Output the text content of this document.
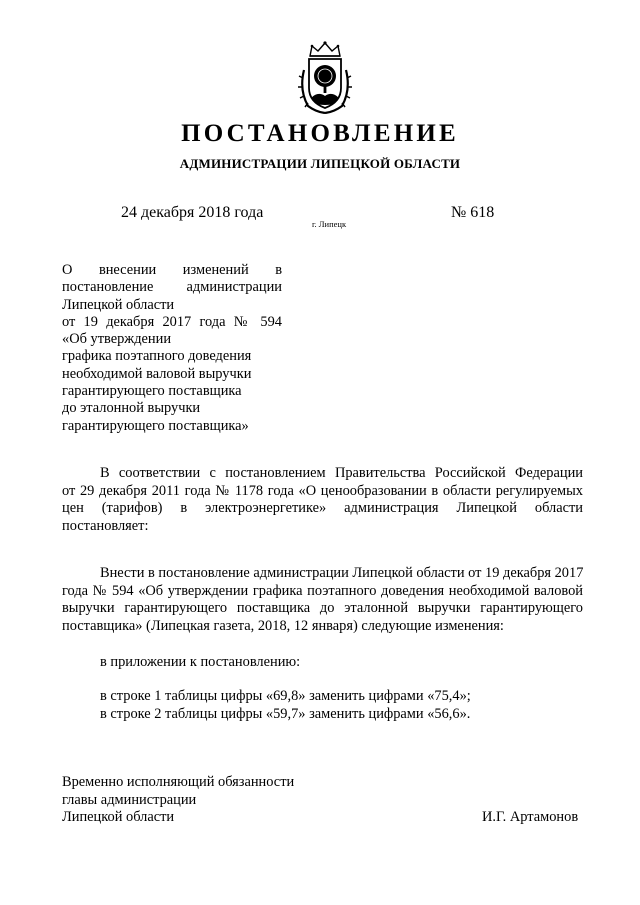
ПОСТАНОВЛЕНИЕ
АДМИНИСТРАЦИИ ЛИПЕЦКОЙ ОБЛАСТИ
24 декабря 2018 года
г. Липецк
№ 618
О внесении изменений в
постановление администрации
Липецкой области
от 19 декабря 2017 года № 594
«Об утверждении
графика поэтапного доведения
необходимой валовой выручки
гарантирующего поставщика
до эталонной выручки
гарантирующего поставщика»
В соответствии с постановлением Правительства Российской Федерации
от 29 декабря 2011 года № 1178 года «О ценообразовании в области регулируемых
цен (тарифов) в электроэнергетике» администрация Липецкой области
постановляет:
Внести в постановление администрации Липецкой области от 19 декабря 2017
года № 594 «Об утверждении графика поэтапного доведения необходимой валовой
выручки гарантирующего поставщика до эталонной выручки гарантирующего
поставщика» (Липецкая газета, 2018, 12 января) следующие изменения:
в приложении к постановлению:
в строке 1 таблицы цифры «69,8» заменить цифрами «75,4»;
в строке 2 таблицы цифры «59,7» заменить цифрами «56,6».
Временно исполняющий обязанности
главы администрации
Липецкой области	И.Г. Артамонов
